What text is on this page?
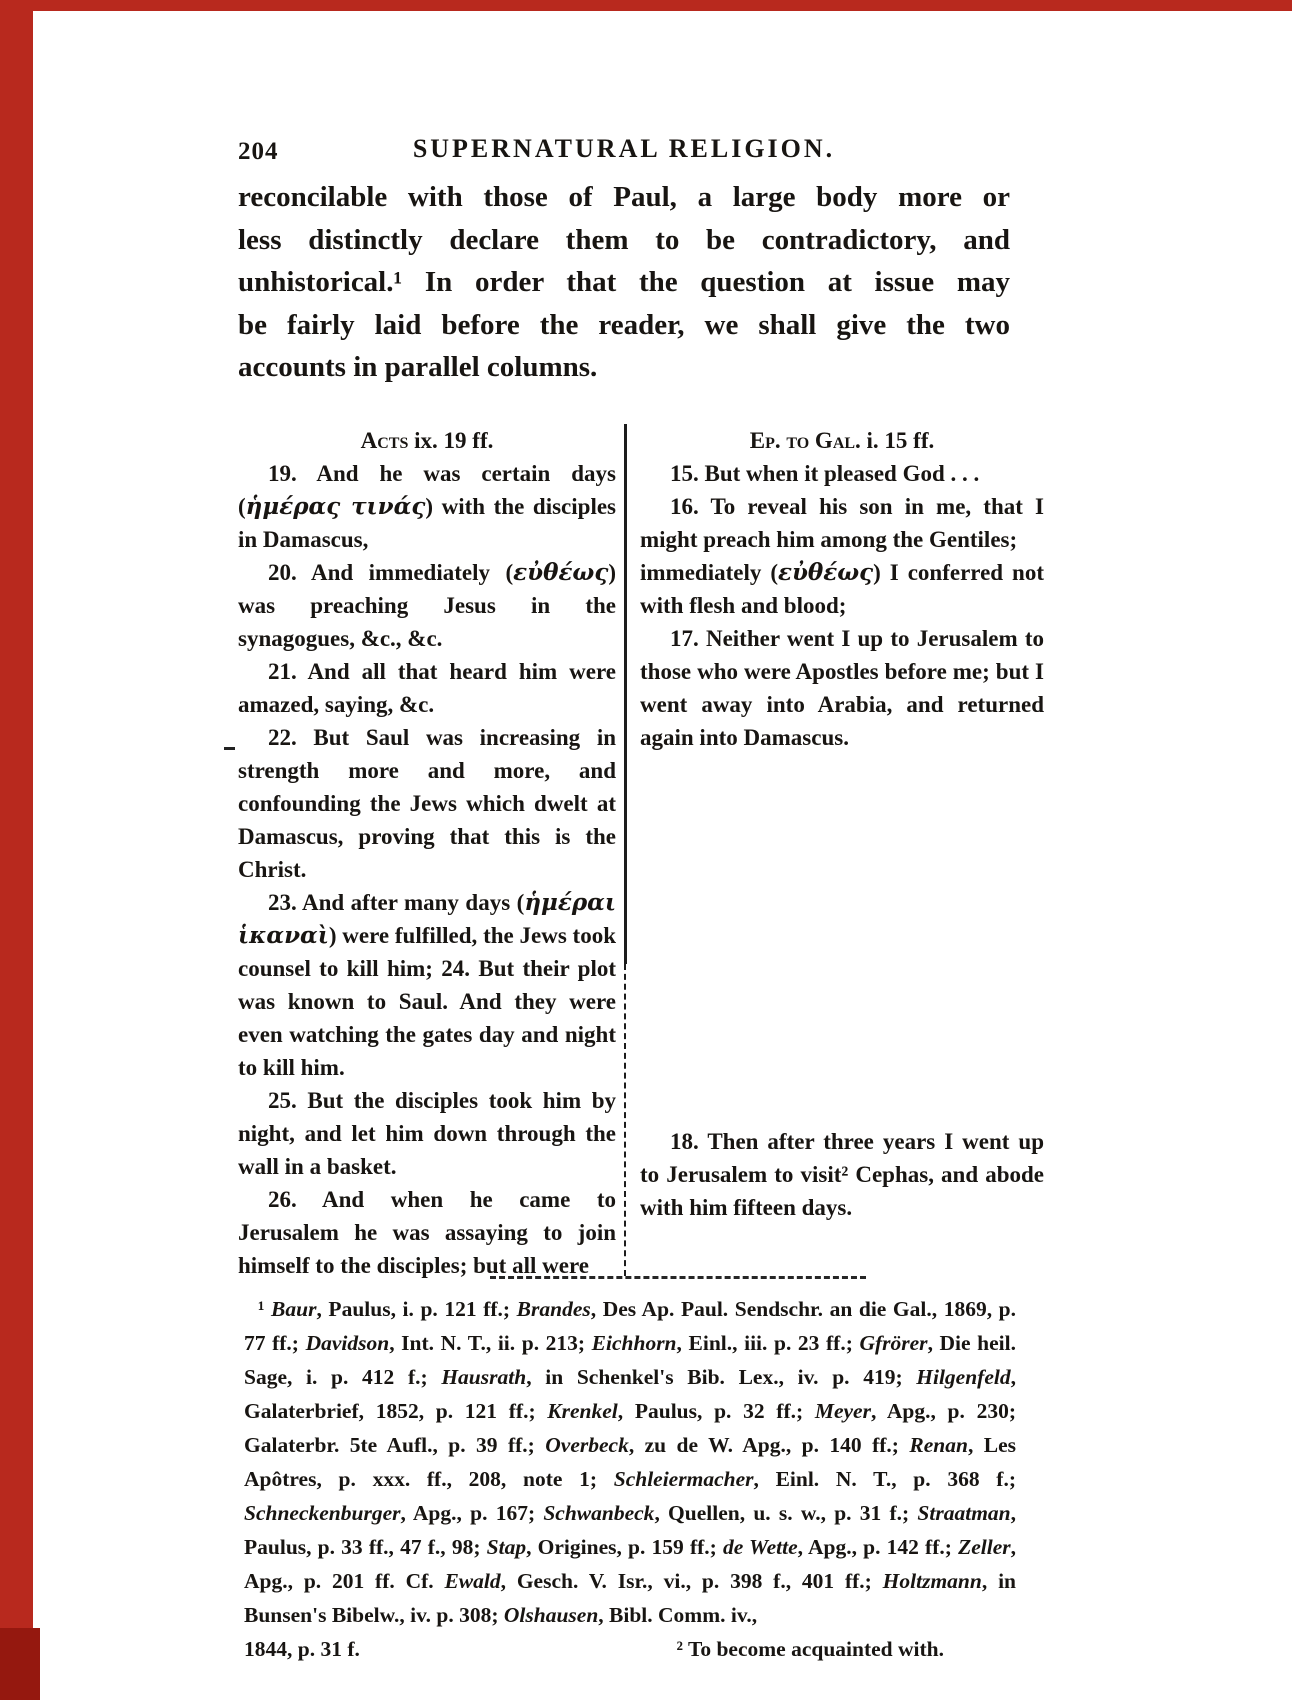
204	SUPERNATURAL RELIGION.
reconcilable with those of Paul, a large body more or
less distinctly declare them to be contradictory, and
unhistorical.¹ In order that the question at issue may
be fairly laid before the reader, we shall give the two
accounts in parallel columns.
Acts ix. 19 ff.

19. And he was certain days (ἡμέρας τινάς) with the disciples in Damascus,

20. And immediately (εὐθέως) was preaching Jesus in the synagogues, &c., &c.

21. And all that heard him were amazed, saying, &c.

22. But Saul was increasing in strength more and more, and confounding the Jews which dwelt at Damascus, proving that this is the Christ.

23. And after many days (ἡμέραι ἱκαναὶ) were fulfilled, the Jews took counsel to kill him; 24. But their plot was known to Saul. And they were even watching the gates day and night to kill him.

25. But the disciples took him by night, and let him down through the wall in a basket.

26. And when he came to Jerusalem he was assaying to join himself to the disciples; but all were

Ep. to Gal. i. 15 ff.

15. But when it pleased God . . .

16. To reveal his son in me, that I might preach him among the Gentiles;

immediately (εὐθέως) I conferred not with flesh and blood;

17. Neither went I up to Jerusalem to those who were Apostles before me; but I went away into Arabia, and returned again into Damascus.

18. Then after three years I went up to Jerusalem to visit² Cephas, and abode with him fifteen days.

¹ Baur, Paulus, i. p. 121 ff.; Brandes, Des Ap. Paul. Sendschr. an die Gal., 1869, p. 77 ff.; Davidson, Int. N. T., ii. p. 213; Eichhorn, Einl., iii. p. 23 ff.; Gfrörer, Die heil. Sage, i. p. 412 f.; Hausrath, in Schenkel's Bib. Lex., iv. p. 419; Hilgenfeld, Galaterbrief, 1852, p. 121 ff.; Krenkel, Paulus, p. 32 ff.; Meyer, Apg., p. 230; Galaterbr. 5te Aufl., p. 39 ff.; Overbeck, zu de W. Apg., p. 140 ff.; Renan, Les Apôtres, p. xxx. ff., 208, note 1; Schleiermacher, Einl. N. T., p. 368 f.; Schneckenburger, Apg., p. 167; Schwanbeck, Quellen, u. s. w., p. 31 f.; Straatman, Paulus, p. 33 ff., 47 f., 98; Stap, Origines, p. 159 ff.; de Wette, Apg., p. 142 ff.; Zeller, Apg., p. 201 ff. Cf. Ewald, Gesch. V. Isr., vi., p. 398 f., 401 ff.; Holtzmann, in Bunsen's Bibelw., iv. p. 308; Olshausen, Bibl. Comm. iv.,

1844, p. 31 f.	² To become acquainted with.
